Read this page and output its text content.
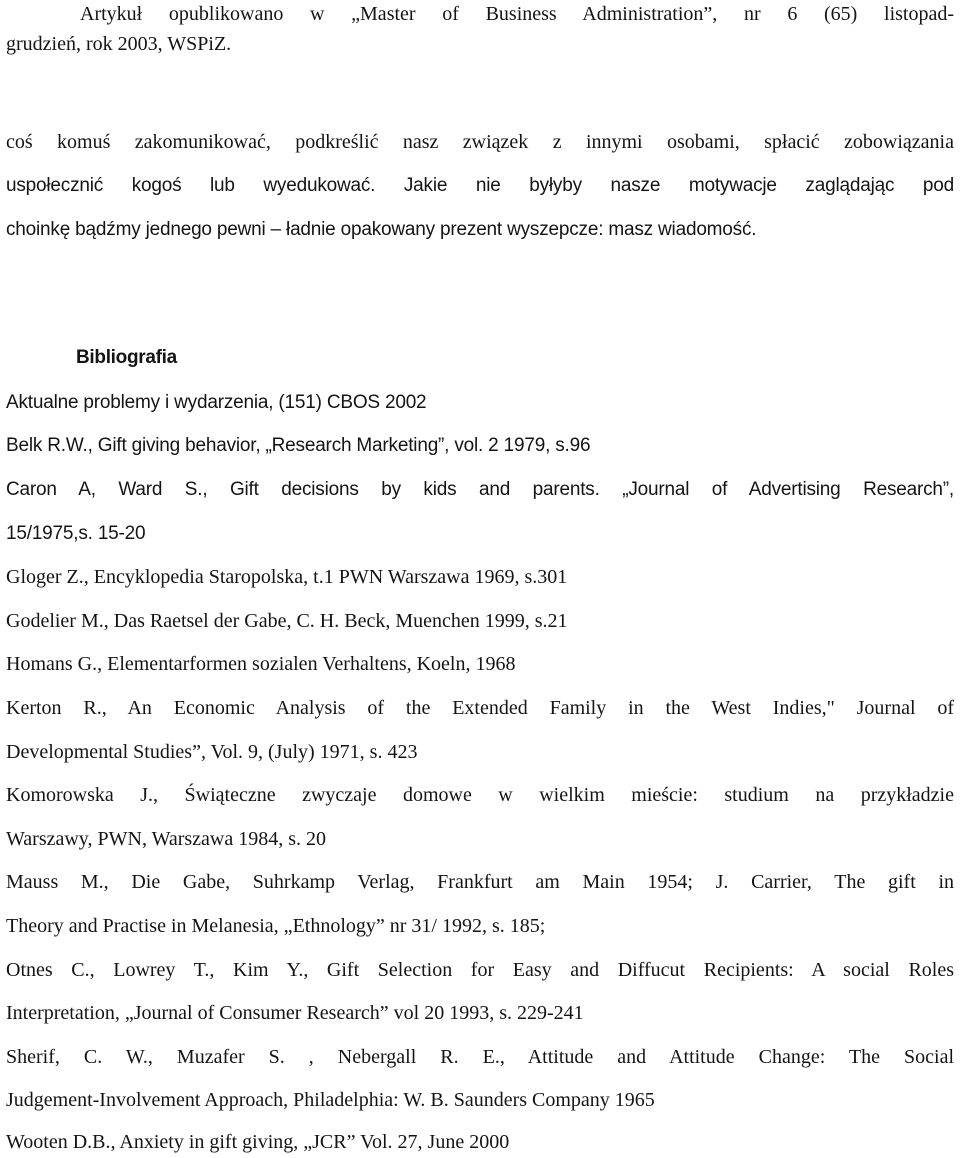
Artykuł opublikowano w „Master of Business Administration”, nr 6 (65) listopad-
grudzień, rok 2003, WSPiZ.
coś komuś zakomunikować, podkreślić nasz związek z innymi osobami, spłacić zobowiązania
uspołecznić kogoś lub wyedukować. Jakie nie byłyby nasze motywacje zaglądając pod
choinkę bądźmy jednego pewni – ładnie opakowany prezent wyszepcze: masz wiadomość.
Bibliografia
Aktualne problemy i wydarzenia, (151) CBOS 2002
Belk R.W., Gift giving behavior, „Research Marketing”, vol. 2 1979, s.96
Caron A, Ward S., Gift decisions by kids and parents. „Journal of Advertising Research”,
15/1975,s. 15-20
Gloger Z., Encyklopedia Staropolska, t.1 PWN Warszawa 1969, s.301
Godelier M., Das Raetsel der Gabe, C. H. Beck, Muenchen 1999, s.21
Homans G., Elementarformen sozialen Verhaltens, Koeln, 1968
Kerton R., An Economic Analysis of the Extended Family in the West Indies," Journal of
Developmental Studies”, Vol. 9, (July) 1971, s. 423
Komorowska J., Świąteczne zwyczaje domowe w wielkim mieście: studium na przykładzie
Warszawy, PWN, Warszawa 1984, s. 20
Mauss M., Die Gabe, Suhrkamp Verlag, Frankfurt am Main 1954; J. Carrier, The gift in
Theory and Practise in Melanesia, „Ethnology” nr 31/ 1992, s. 185;
Otnes C., Lowrey T., Kim Y., Gift Selection for Easy and Diffucut Recipients: A social Roles
Interpretation, „Journal of Consumer Research” vol 20 1993, s. 229-241
Sherif, C. W., Muzafer S. , Nebergall R. E., Attitude and Attitude Change: The Social
Judgement-Involvement Approach, Philadelphia: W. B. Saunders Company 1965
Wooten D.B., Anxiety in gift giving, „JCR” Vol. 27, June 2000
